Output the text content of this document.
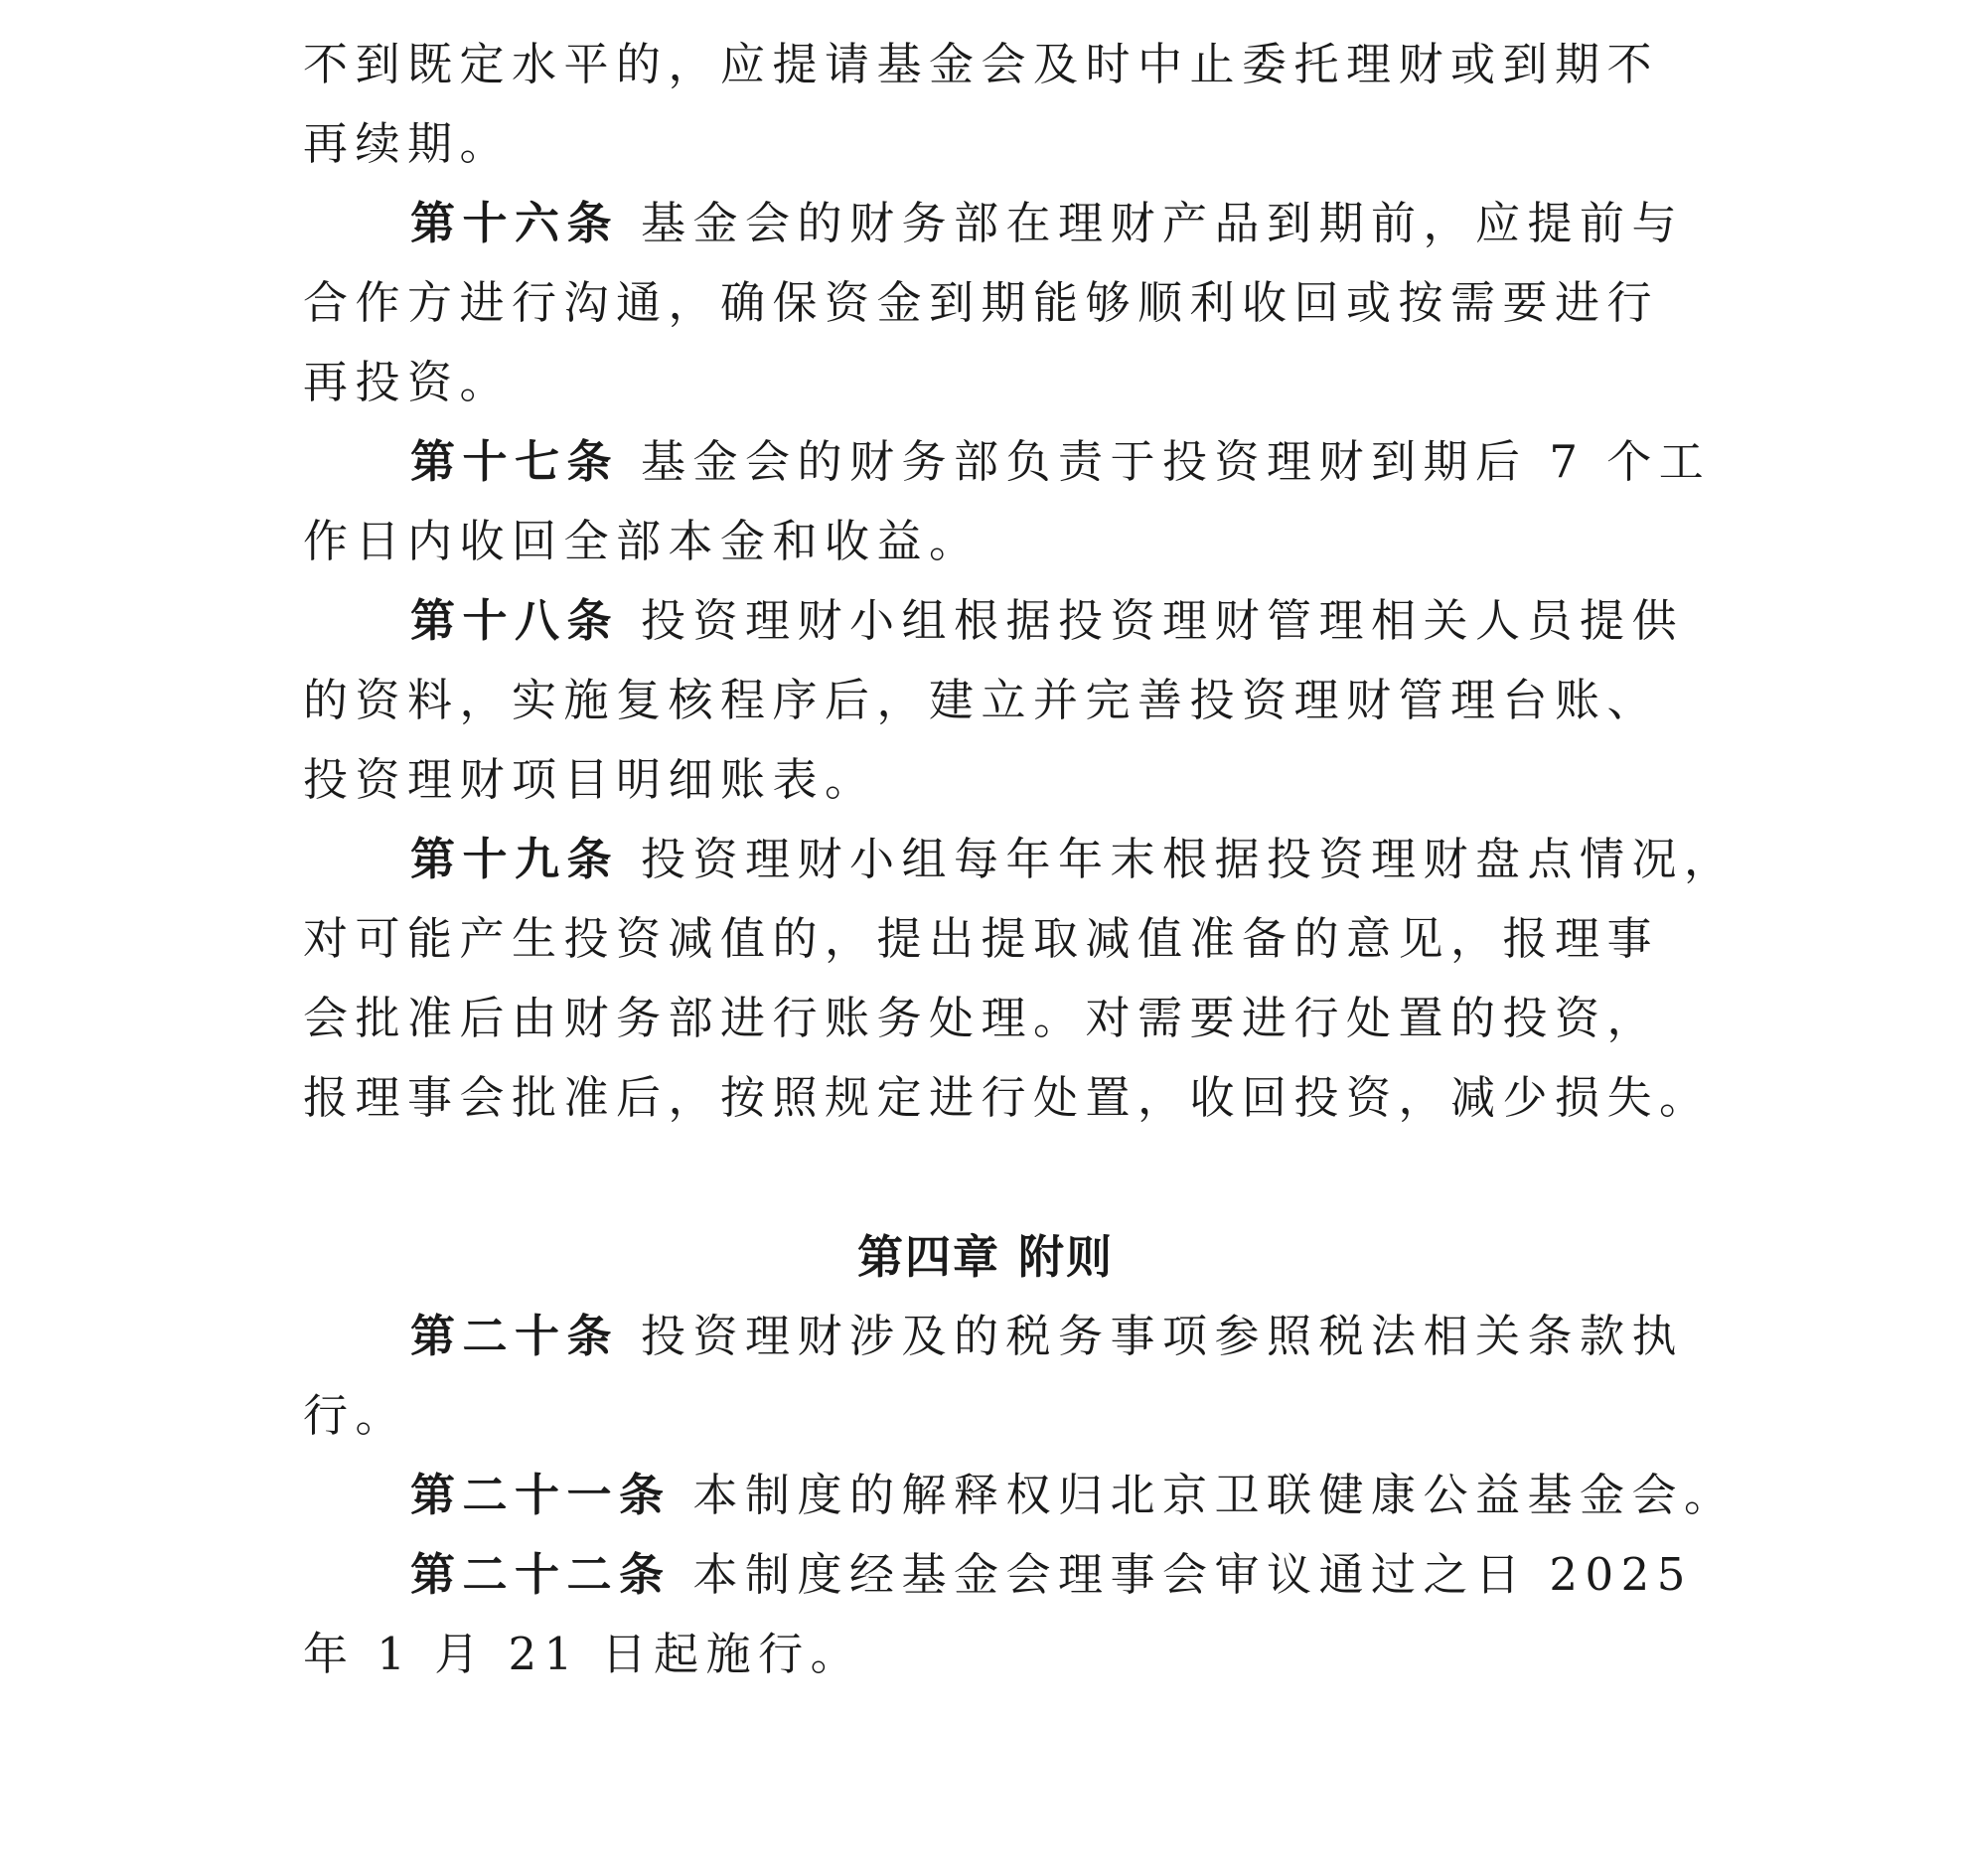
不到既定水平的，应提请基金会及时中止委托理财或到期不
再续期。
第十六条 基金会的财务部在理财产品到期前，应提前与
合作方进行沟通，确保资金到期能够顺利收回或按需要进行
再投资。
第十七条 基金会的财务部负责于投资理财到期后 7 个工
作日内收回全部本金和收益。
第十八条 投资理财小组根据投资理财管理相关人员提供
的资料，实施复核程序后，建立并完善投资理财管理台账、
投资理财项目明细账表。
第十九条 投资理财小组每年年末根据投资理财盘点情况，
对可能产生投资减值的，提出提取减值准备的意见，报理事
会批准后由财务部进行账务处理。对需要进行处置的投资，
报理事会批准后，按照规定进行处置，收回投资，减少损失。
第四章 附则
第二十条 投资理财涉及的税务事项参照税法相关条款执
行。
第二十一条 本制度的解释权归北京卫联健康公益基金会。
第二十二条 本制度经基金会理事会审议通过之日 2025
年 1 月 21 日起施行。
